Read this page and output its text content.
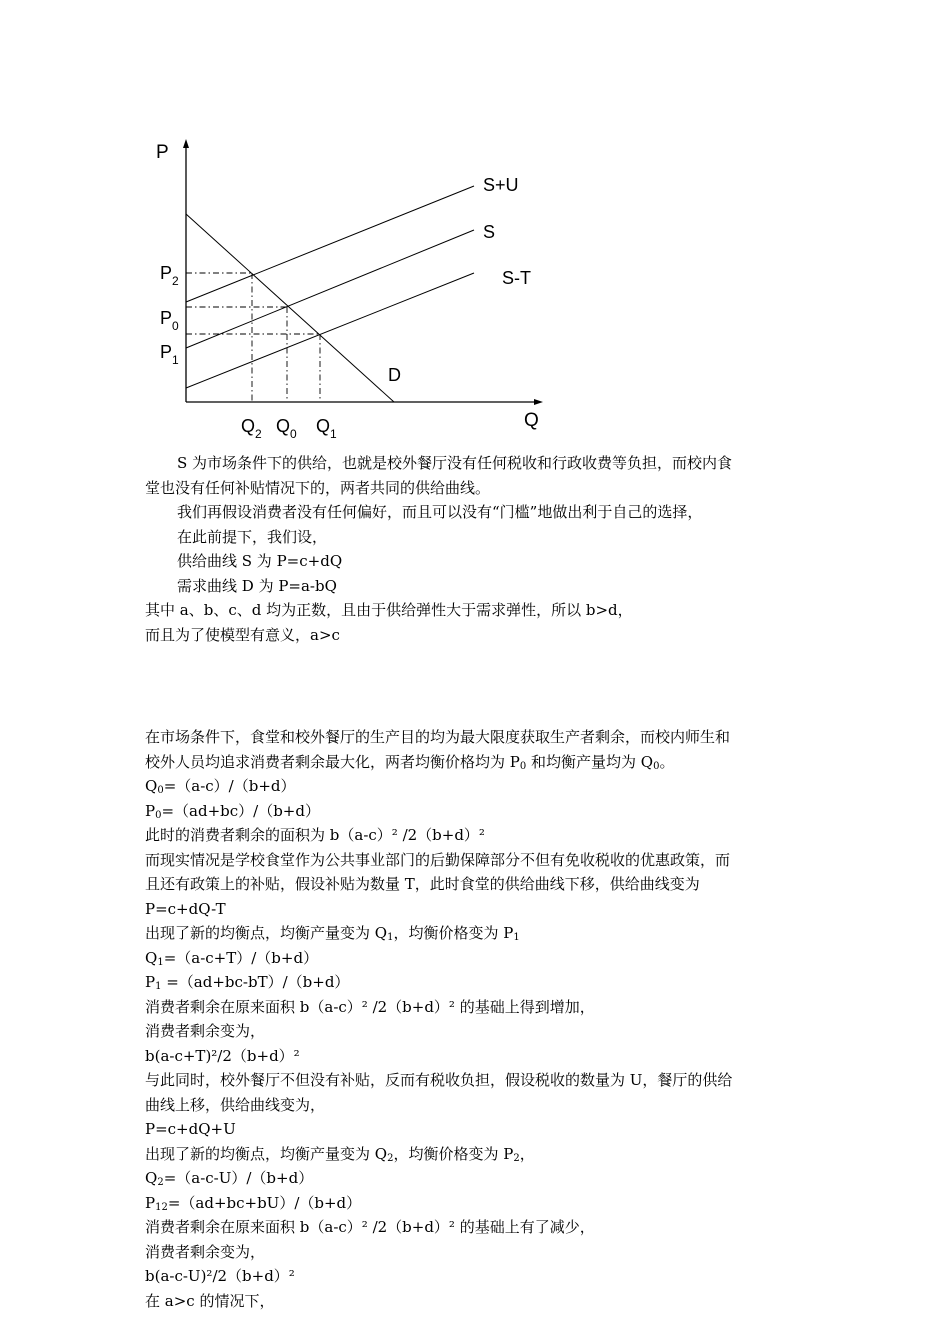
P
Q
S+U
S
S-T
D
$P_2$
$P_0$
$P_1$
$Q_2$ $Q_0$ $Q_1$
S 为市场条件下的供给，也就是校外餐厅没有任何税收和行政收费等负担，而校内食
堂也没有任何补贴情况下的，两者共同的供给曲线。
我们再假设消费者没有任何偏好，而且可以没有“门槛”地做出利于自己的选择，
在此前提下，我们设，
供给曲线 S 为 P=c+dQ
需求曲线 D 为 P=a-bQ
其中 a、b、c、d 均为正数，且由于供给弹性大于需求弹性，所以 b>d，
而且为了使模型有意义，a>c
在市场条件下，食堂和校外餐厅的生产目的均为最大限度获取生产者剩余，而校内师生和
校外人员均追求消费者剩余最大化，两者均衡价格均为 $P_0$ 和均衡产量均为 $Q_0$。
$Q_0=(a-c)/(b+d)$
$P_0=(ad+bc)/(b+d)$
此时的消费者剩余的面积为 b（a-c）² /2（b+d）²
而现实情况是学校食堂作为公共事业部门的后勤保障部分不但有免收税收的优惠政策，而
且还有政策上的补贴，假设补贴为数量 T，此时食堂的供给曲线下移，供给曲线变为
P=c+dQ-T
出现了新的均衡点，均衡产量变为 $Q_1$，均衡价格变为 $P_1$
$Q_1=(a-c+T)/(b+d)$
$P_1 =(ad+bc-bT)/(b+d)$
消费者剩余在原来面积 b（a-c）² /2（b+d）² 的基础上得到增加，
消费者剩余变为，
b(a-c+T)²/2（b+d）²
与此同时，校外餐厅不但没有补贴，反而有税收负担，假设税收的数量为 U，餐厅的供给
曲线上移，供给曲线变为，
P=c+dQ+U
出现了新的均衡点，均衡产量变为 $Q_2$，均衡价格变为 $P_2$，
$Q_2=(a-c-U)/(b+d)$
$P_{12}=(ad+bc+bU)/(b+d)$
消费者剩余在原来面积 b（a-c）² /2（b+d）² 的基础上有了减少，
消费者剩余变为，
b(a-c-U)²/2（b+d）²
在 a>c 的情况下，
